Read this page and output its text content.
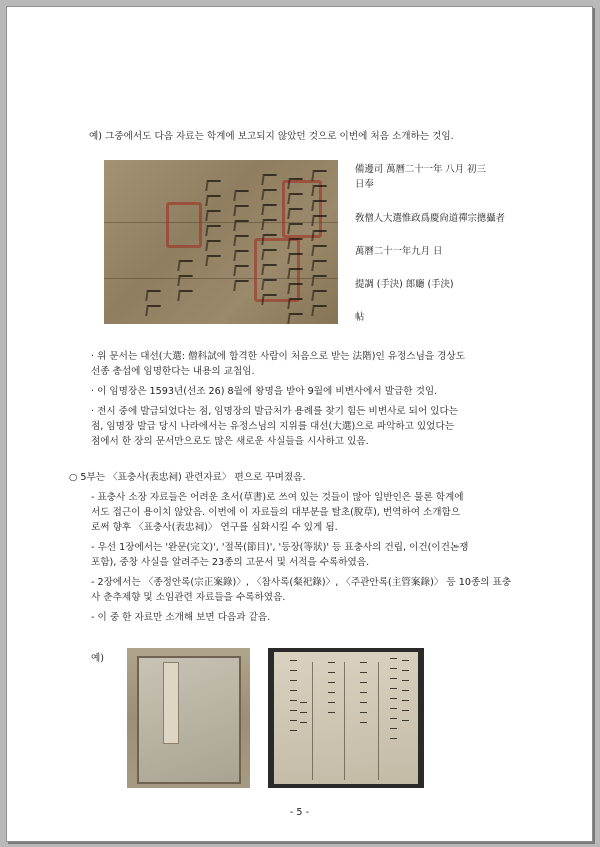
예) 그중에서도 다음 자료는 학계에 보고되지 않았던 것으로 이번에 처음 소개하는 것임.
備邊司 萬曆二十一年 八月 初三
日奉
敎僧人大選惟政爲慶尙道禪宗摠攝者
萬曆二十一年九月 日
提調 (手決) 郎廳 (手決)
帖
· 위 문서는 대선(大選: 僧科試에 합격한 사람이 처음으로 받는 法階)인 유정스님을 경상도
선종 총섭에 임명한다는 내용의 교첩임.
· 이 임명장은 1593년(선조 26) 8월에 왕명을 받아 9월에 비변사에서 발급한 것임.
· 전시 중에 발급되었다는 점, 임명장의 발급처가 용례를 찾기 힘든 비변사로 되어 있다는
점, 임명장 발급 당시 나라에서는 유정스님의 지위를 대선(大選)으로 파악하고 있었다는
점에서 한 장의 문서만으로도 많은 새로운 사실들을 시사하고 있음.
○ 5부는 〈표충사(表忠祠) 관련자료〉 편으로 꾸며졌음.
- 표충사 소장 자료들은 어려운 초서(草書)로 쓰여 있는 것들이 많아 일반인은 물론 학계에
서도 접근이 용이치 않았음. 이번에 이 자료들의 대부분을 탈초(脫草), 번역하여 소개함으
로써 향후 〈표충사(表忠祠)〉 연구를 심화시킬 수 있게 됨.
- 우선 1장에서는 '완문(完文)', '절목(節目)', '등장(等狀)' 등 표충사의 건립, 이건(이건논쟁
포함), 중창 사실을 알려주는 23종의 고문서 및 서적을 수록하였음.
- 2장에서는 〈종정안록(宗正案錄)〉, 〈참사록(粲祀錄)〉, 〈주관안록(主管案錄)〉 등 10종의 표충
사 춘추제향 및 소임관련 자료들을 수록하였음.
- 이 중 한 자료만 소개해 보면 다음과 같음.
예)
- 5 -
